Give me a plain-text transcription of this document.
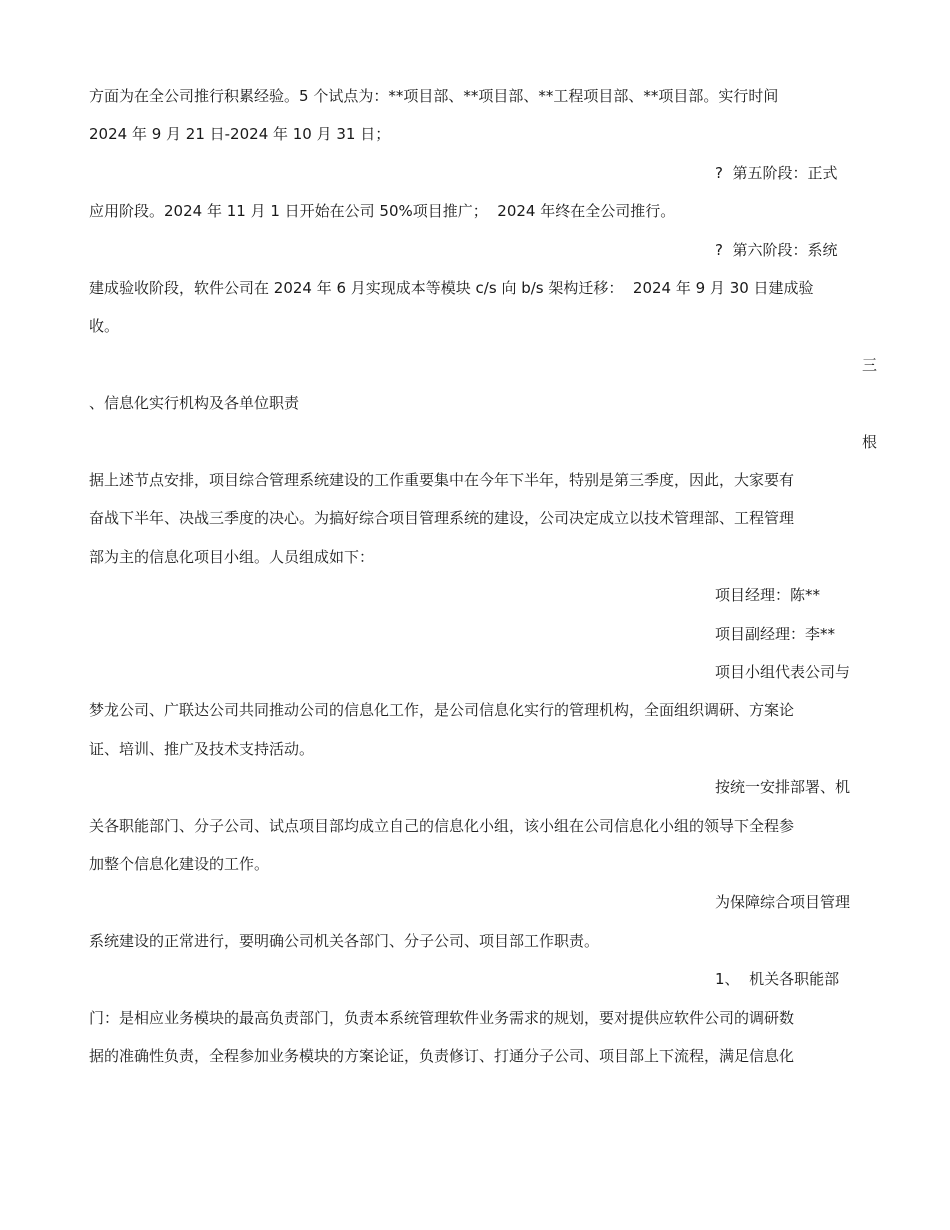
方面为在全公司推行积累经验。5 个试点为：**项目部、**项目部、**工程项目部、**项目部。实行时间

2024 年 9 月 21 日-2024 年 10 月 31 日；

?  第五阶段：正式

应用阶段。2024 年 11 月 1 日开始在公司 50%项目推广；  2024 年终在全公司推行。

?  第六阶段：系统

建成验收阶段，软件公司在 2024 年 6 月实现成本等模块 c/s 向 b/s 架构迁移：  2024 年 9 月 30 日建成验

收。

三

、信息化实行机构及各单位职责

根

据上述节点安排，项目综合管理系统建设的工作重要集中在今年下半年，特别是第三季度，因此，大家要有

奋战下半年、决战三季度的决心。为搞好综合项目管理系统的建设，公司决定成立以技术管理部、工程管理

部为主的信息化项目小组。人员组成如下：

项目经理：陈**

项目副经理：李**

项目小组代表公司与

梦龙公司、广联达公司共同推动公司的信息化工作，是公司信息化实行的管理机构，全面组织调研、方案论

证、培训、推广及技术支持活动。

按统一安排部署、机

关各职能部门、分子公司、试点项目部均成立自己的信息化小组，该小组在公司信息化小组的领导下全程参

加整个信息化建设的工作。

为保障综合项目管理

系统建设的正常进行，要明确公司机关各部门、分子公司、项目部工作职责。

1、  机关各职能部

门：是相应业务模块的最高负责部门，负责本系统管理软件业务需求的规划，要对提供应软件公司的调研数

据的准确性负责，全程参加业务模块的方案论证，负责修订、打通分子公司、项目部上下流程，满足信息化
